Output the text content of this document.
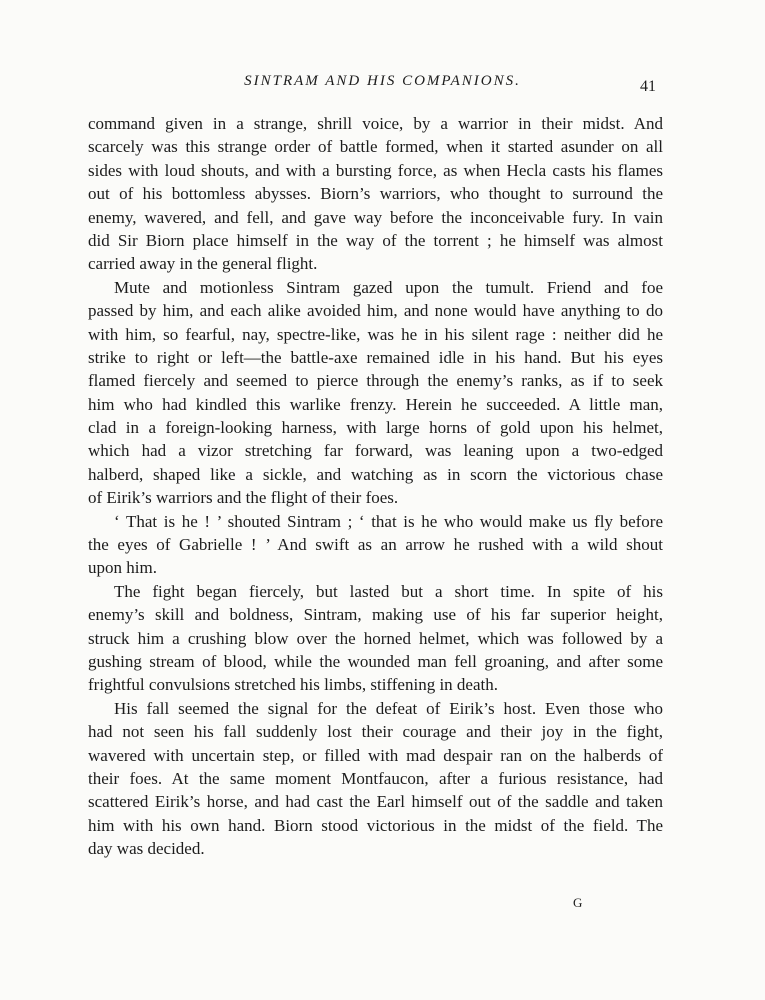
SINTRAM AND HIS COMPANIONS.	41
command given in a strange, shrill voice, by a warrior in their midst. And
scarcely was this strange order of battle formed, when it started asunder on all
sides with loud shouts, and with a bursting force, as when Hecla casts his flames
out of his bottomless abysses. Biorn’s warriors, who thought to surround the
enemy, wavered, and fell, and gave way before the inconceivable fury. In vain
did Sir Biorn place himself in the way of the torrent ; he himself was almost
carried away in the general flight.
Mute and motionless Sintram gazed upon the tumult. Friend and foe
passed by him, and each alike avoided him, and none would have anything to do
with him, so fearful, nay, spectre-like, was he in his silent rage : neither did he
strike to right or left—the battle-axe remained idle in his hand. But his eyes
flamed fiercely and seemed to pierce through the enemy’s ranks, as if to seek
him who had kindled this warlike frenzy. Herein he succeeded. A little man,
clad in a foreign-looking harness, with large horns of gold upon his helmet,
which had a vizor stretching far forward, was leaning upon a two-edged
halberd, shaped like a sickle, and watching as in scorn the victorious chase
of Eirik’s warriors and the flight of their foes.
‘ That is he ! ’ shouted Sintram ; ‘ that is he who would make us fly before
the eyes of Gabrielle ! ’ And swift as an arrow he rushed with a wild shout
upon him.
The fight began fiercely, but lasted but a short time. In spite of his
enemy’s skill and boldness, Sintram, making use of his far superior height,
struck him a crushing blow over the horned helmet, which was followed by a
gushing stream of blood, while the wounded man fell groaning, and after some
frightful convulsions stretched his limbs, stiffening in death.
His fall seemed the signal for the defeat of Eirik’s host. Even those who
had not seen his fall suddenly lost their courage and their joy in the fight,
wavered with uncertain step, or filled with mad despair ran on the halberds of
their foes. At the same moment Montfaucon, after a furious resistance, had
scattered Eirik’s horse, and had cast the Earl himself out of the saddle and taken
him with his own hand. Biorn stood victorious in the midst of the field. The
day was decided.
G
